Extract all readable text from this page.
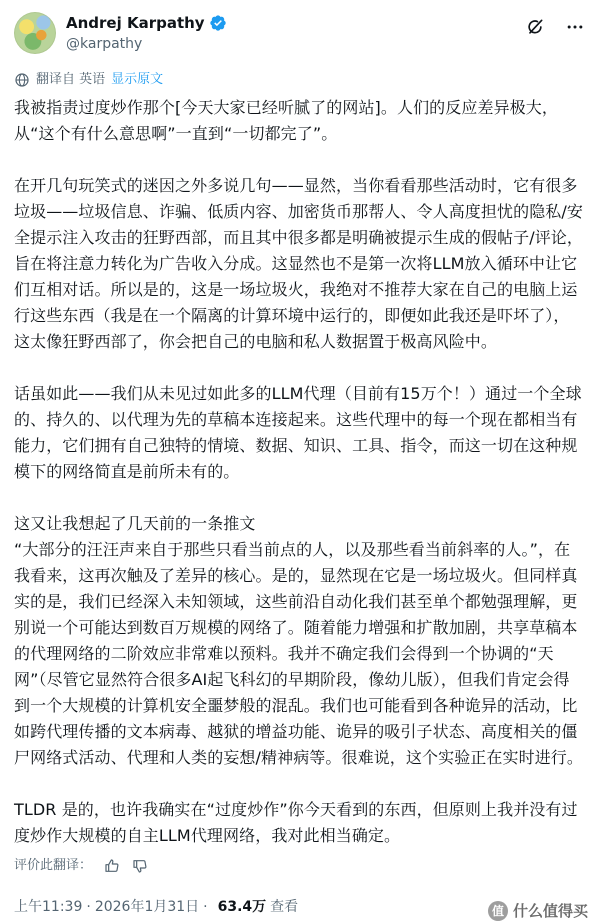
Andrej Karpathy
@karpathy
翻译自 英语 显示原文

我被指责过度炒作那个[今天大家已经听腻了的网站]。人们的反应差异极大，从“这个有什么意思啊”一直到“一切都完了”。

在开几句玩笑式的迷因之外多说几句——显然，当你看看那些活动时，它有很多垃圾——垃圾信息、诈骗、低质内容、加密货币那帮人、令人高度担忧的隐私/安全提示注入攻击的狂野西部，而且其中很多都是明确被提示生成的假帖子/评论，旨在将注意力转化为广告收入分成。这显然也不是第一次将LLM放入循环中让它们互相对话。所以是的，这是一场垃圾火，我绝对不推荐大家在自己的电脑上运行这些东西（我是在一个隔离的计算环境中运行的，即便如此我还是吓坏了），这太像狂野西部了，你会把自己的电脑和私人数据置于极高风险中。

话虽如此——我们从未见过如此多的LLM代理（目前有15万个！）通过一个全球的、持久的、以代理为先的草稿本连接起来。这些代理中的每一个现在都相当有能力，它们拥有自己独特的情境、数据、知识、工具、指令，而这一切在这种规模下的网络简直是前所未有的。

这又让我想起了几天前的一条推文
“大部分的汪汪声来自于那些只看当前点的人，以及那些看当前斜率的人。”，在我看来，这再次触及了差异的核心。是的，显然现在它是一场垃圾火。但同样真实的是，我们已经深入未知领域，这些前沿自动化我们甚至单个都勉强理解，更别说一个可能达到数百万规模的网络了。随着能力增强和扩散加剧，共享草稿本的代理网络的二阶效应非常难以预料。我并不确定我们会得到一个协调的“天网”（尽管它显然符合很多AI起飞科幻的早期阶段，像幼儿版），但我们肯定会得到一个大规模的计算机安全噩梦般的混乱。我们也可能看到各种诡异的活动，比如跨代理传播的文本病毒、越狱的增益功能、诡异的吸引子状态、高度相关的僵尸网络式活动、代理和人类的妄想/精神病等。很难说，这个实验正在实时进行。

TLDR 是的，也许我确实在“过度炒作”你今天看到的东西，但原则上我并没有过度炒作大规模的自主LLM代理网络，我对此相当确定。

评价此翻译：
上午11:39 · 2026年1月31日 · 63.4万 查看	值 什么值得买
